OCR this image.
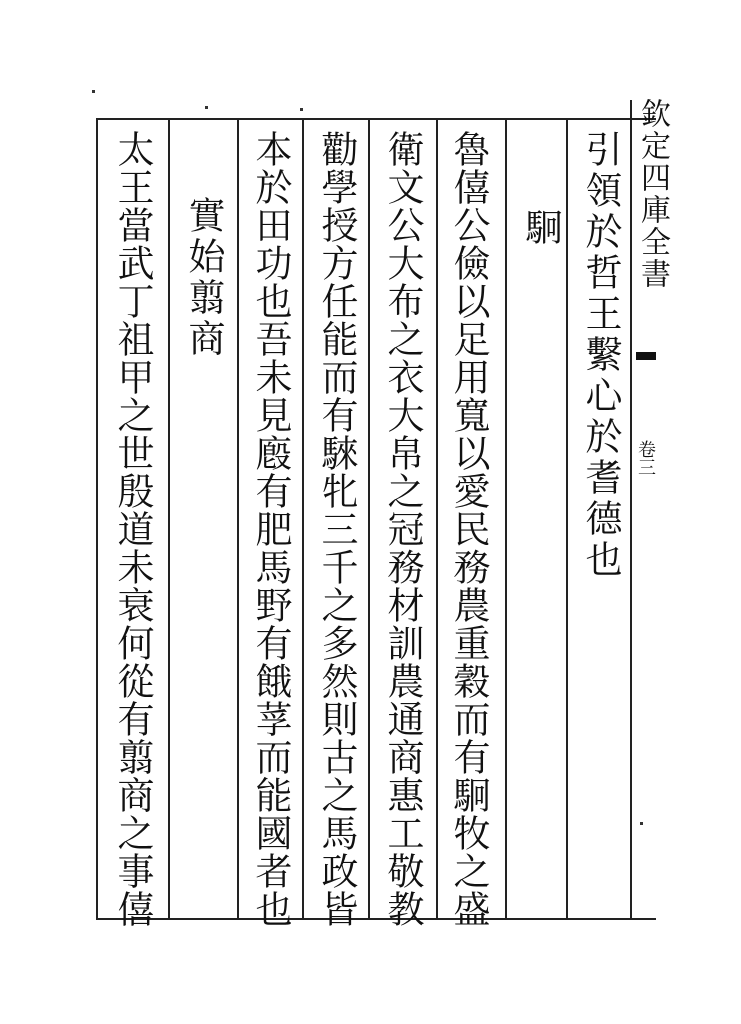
欽定四庫全書
卷三
引領於哲王繫心於耆德也
駉
魯僖公儉以足用寬以愛民務農重穀而有駉牧之盛
衛文公大布之衣大帛之冠務材訓農通商惠工敬教
勸學授方任能而有騋牝三千之多然則古之馬政皆
本於田功也吾未見廏有肥馬野有餓莩而能國者也
實始翦商
太王當武丁祖甲之世殷道未衰何從有翦商之事僖
